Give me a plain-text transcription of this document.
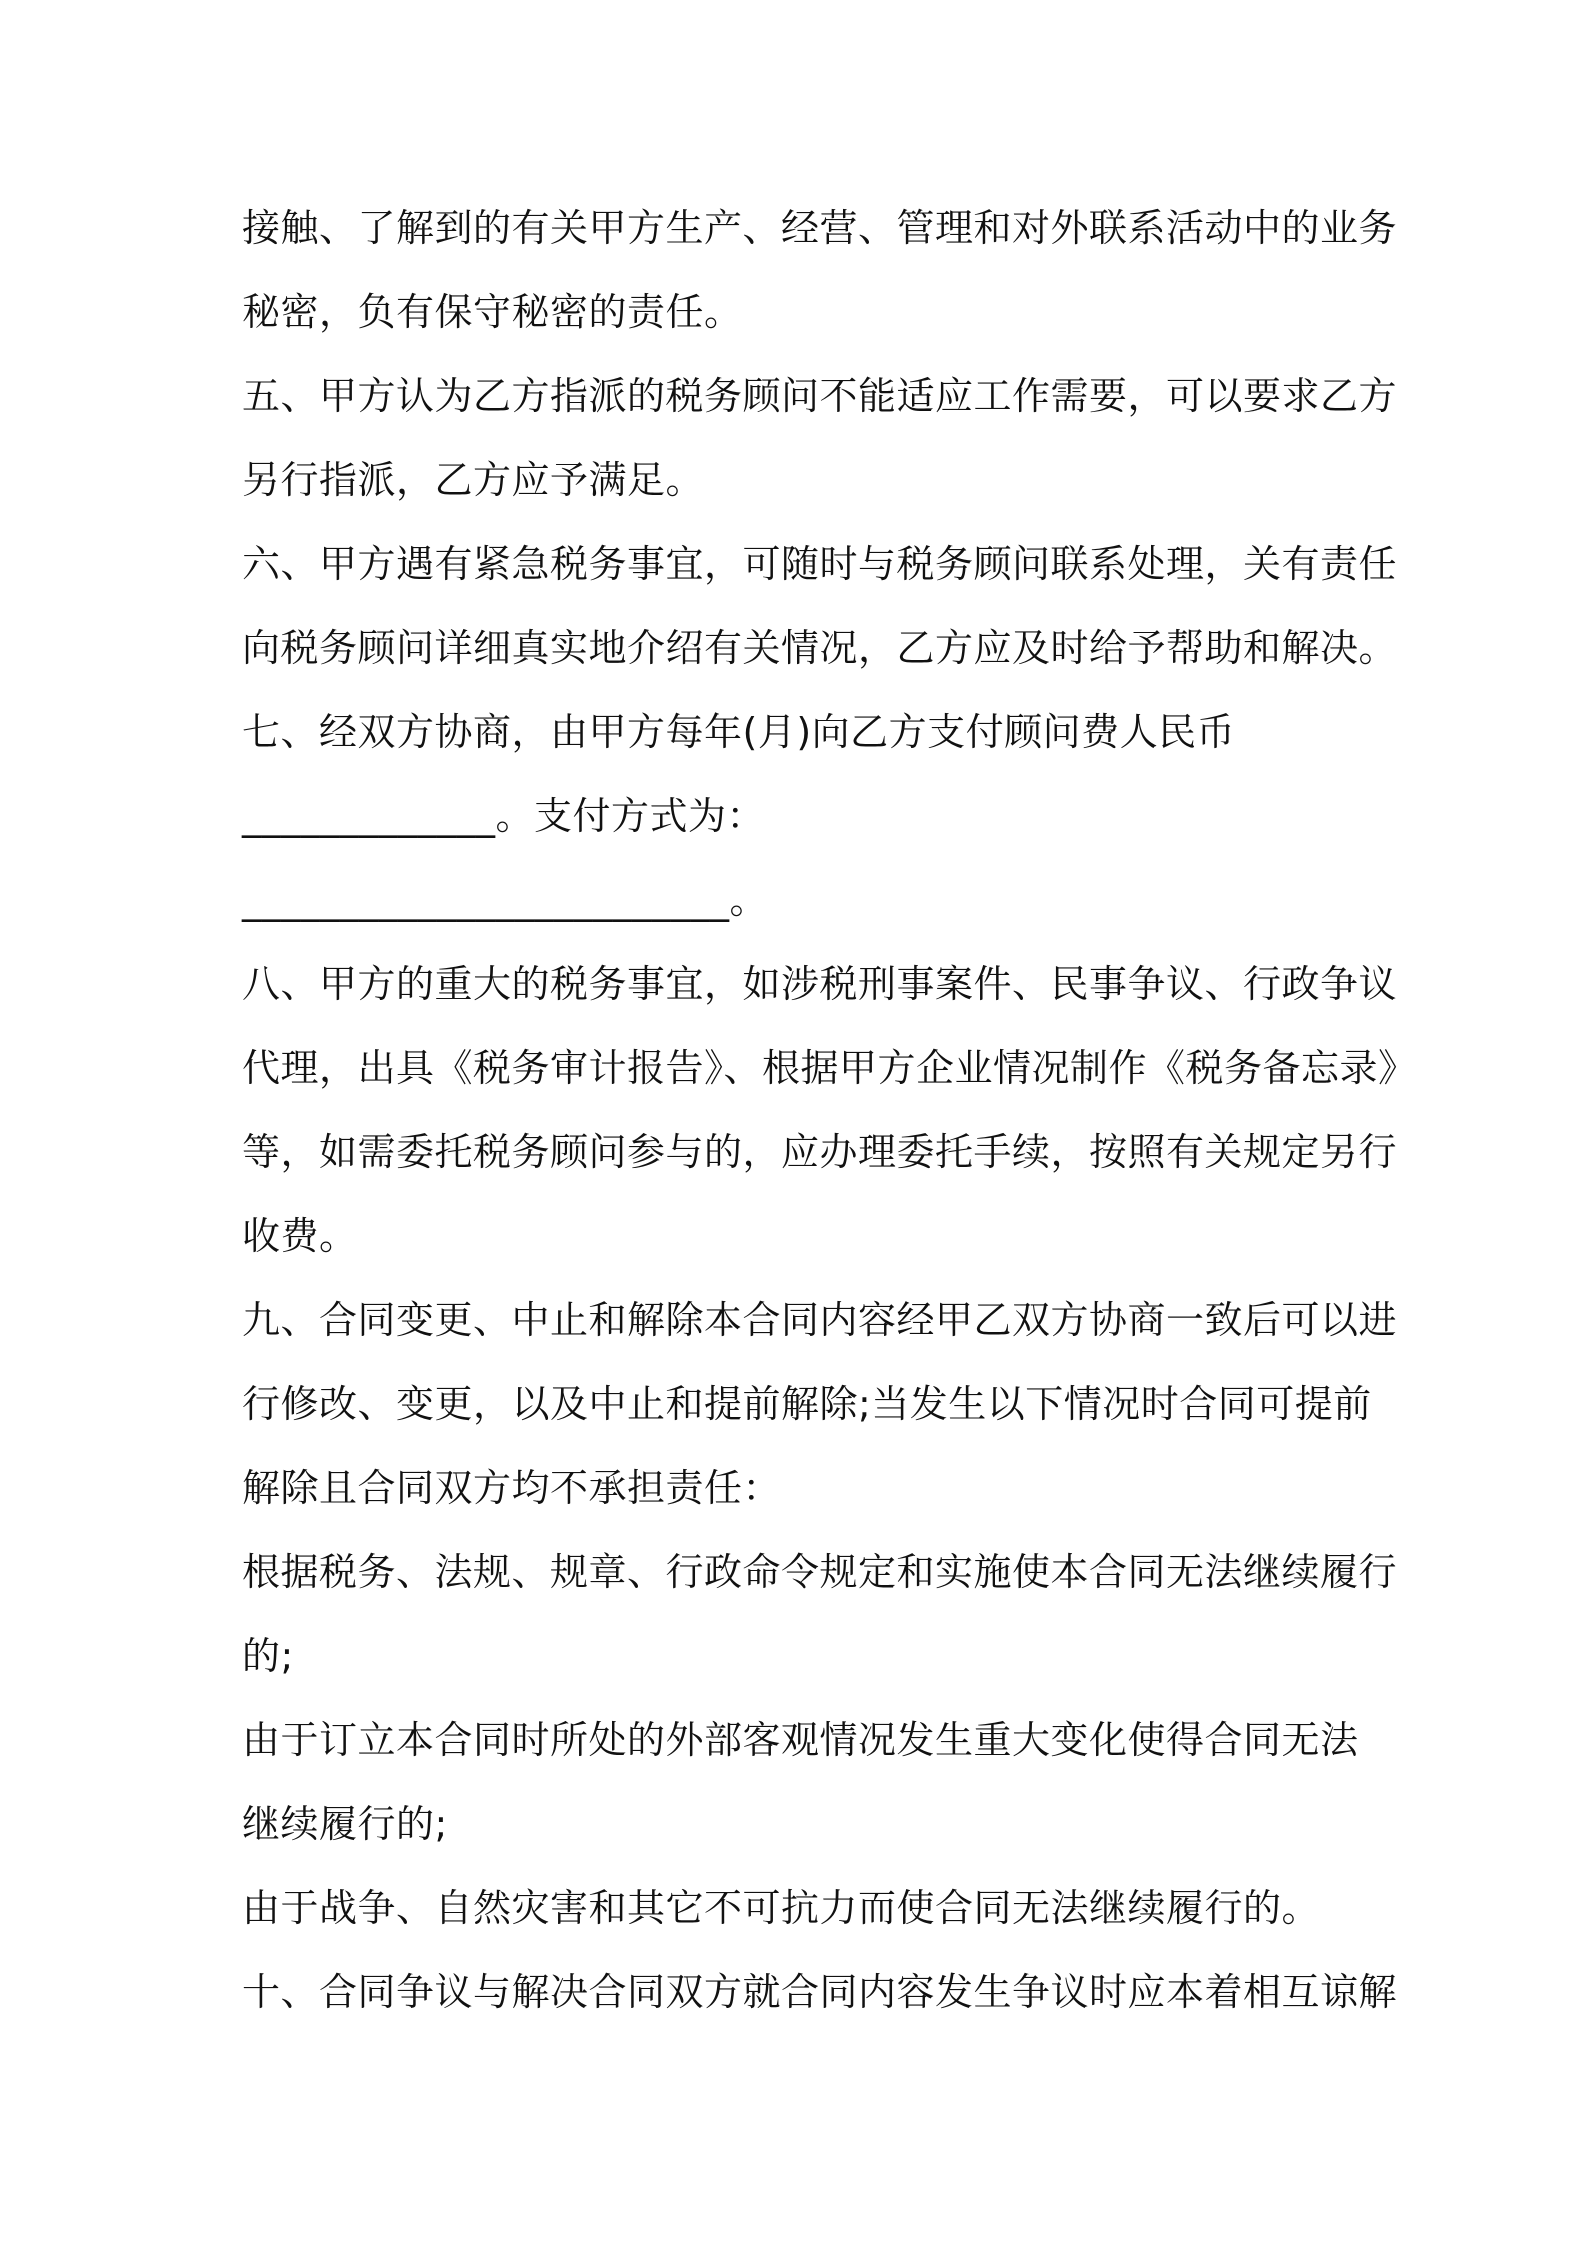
接触、了解到的有关甲方生产、经营、管理和对外联系活动中的业务
秘密，负有保守秘密的责任。
五、甲方认为乙方指派的税务顾问不能适应工作需要，可以要求乙方
另行指派，乙方应予满足。
六、甲方遇有紧急税务事宜，可随时与税务顾问联系处理，关有责任
向税务顾问详细真实地介绍有关情况，乙方应及时给予帮助和解决。
七、经双方协商，由甲方每年(月)向乙方支付顾问费人民币
_____________。支付方式为：
_________________________。
八、甲方的重大的税务事宜，如涉税刑事案件、民事争议、行政争议
代理，出具《税务审计报告》、根据甲方企业情况制作《税务备忘录》
等，如需委托税务顾问参与的，应办理委托手续，按照有关规定另行
收费。
九、合同变更、中止和解除本合同内容经甲乙双方协商一致后可以进
行修改、变更，以及中止和提前解除;当发生以下情况时合同可提前
解除且合同双方均不承担责任：
根据税务、法规、规章、行政命令规定和实施使本合同无法继续履行
的;
由于订立本合同时所处的外部客观情况发生重大变化使得合同无法
继续履行的;
由于战争、自然灾害和其它不可抗力而使合同无法继续履行的。
十、合同争议与解决合同双方就合同内容发生争议时应本着相互谅解
